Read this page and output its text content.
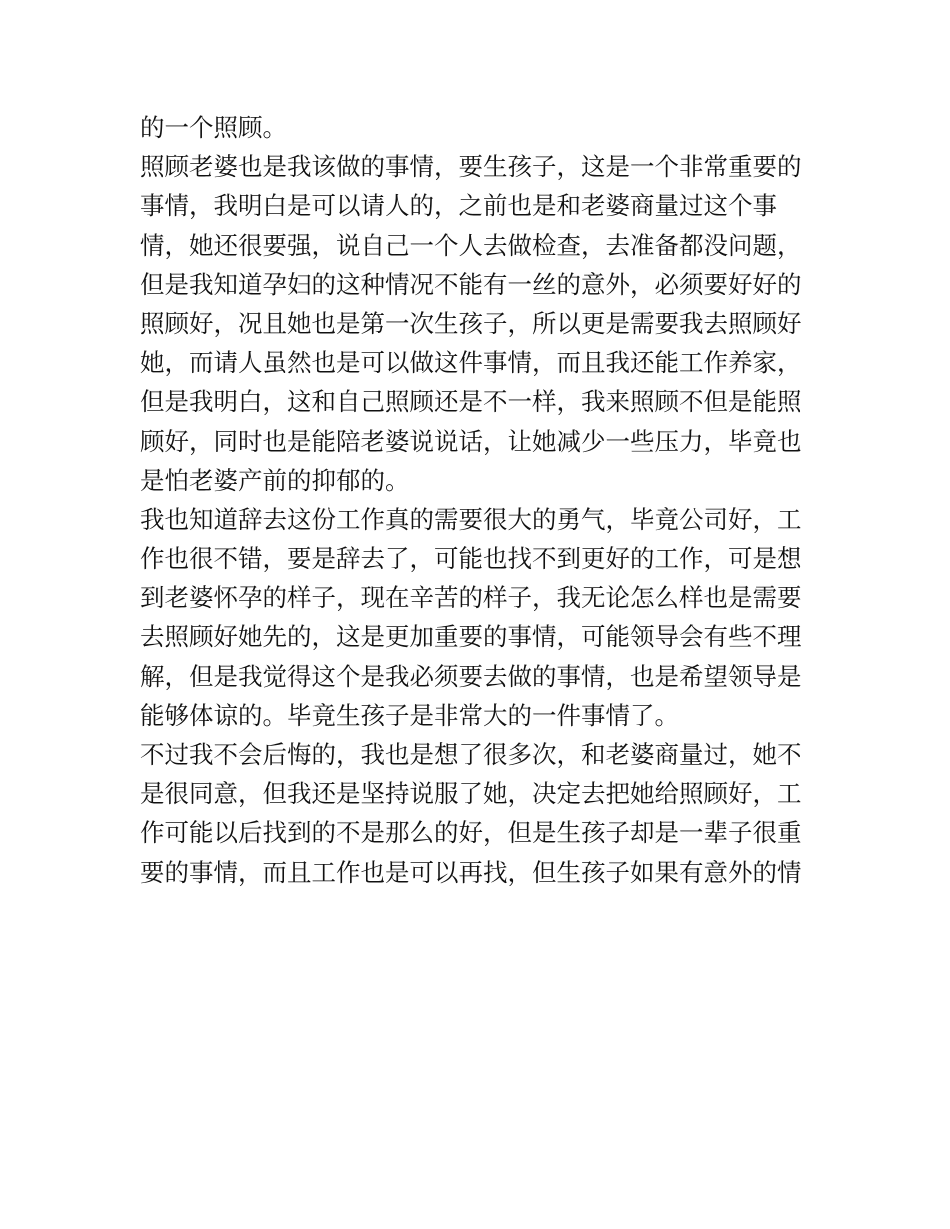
的一个照顾。
照顾老婆也是我该做的事情，要生孩子，这是一个非常重要的
事情，我明白是可以请人的，之前也是和老婆商量过这个事
情，她还很要强，说自己一个人去做检查，去准备都没问题，
但是我知道孕妇的这种情况不能有一丝的意外，必须要好好的
照顾好，况且她也是第一次生孩子，所以更是需要我去照顾好
她，而请人虽然也是可以做这件事情，而且我还能工作养家，
但是我明白，这和自己照顾还是不一样，我来照顾不但是能照
顾好，同时也是能陪老婆说说话，让她减少一些压力，毕竟也
是怕老婆产前的抑郁的。
我也知道辞去这份工作真的需要很大的勇气，毕竟公司好，工
作也很不错，要是辞去了，可能也找不到更好的工作，可是想
到老婆怀孕的样子，现在辛苦的样子，我无论怎么样也是需要
去照顾好她先的，这是更加重要的事情，可能领导会有些不理
解，但是我觉得这个是我必须要去做的事情，也是希望领导是
能够体谅的。毕竟生孩子是非常大的一件事情了。
不过我不会后悔的，我也是想了很多次，和老婆商量过，她不
是很同意，但我还是坚持说服了她，决定去把她给照顾好，工
作可能以后找到的不是那么的好，但是生孩子却是一辈子很重
要的事情，而且工作也是可以再找，但生孩子如果有意外的情
